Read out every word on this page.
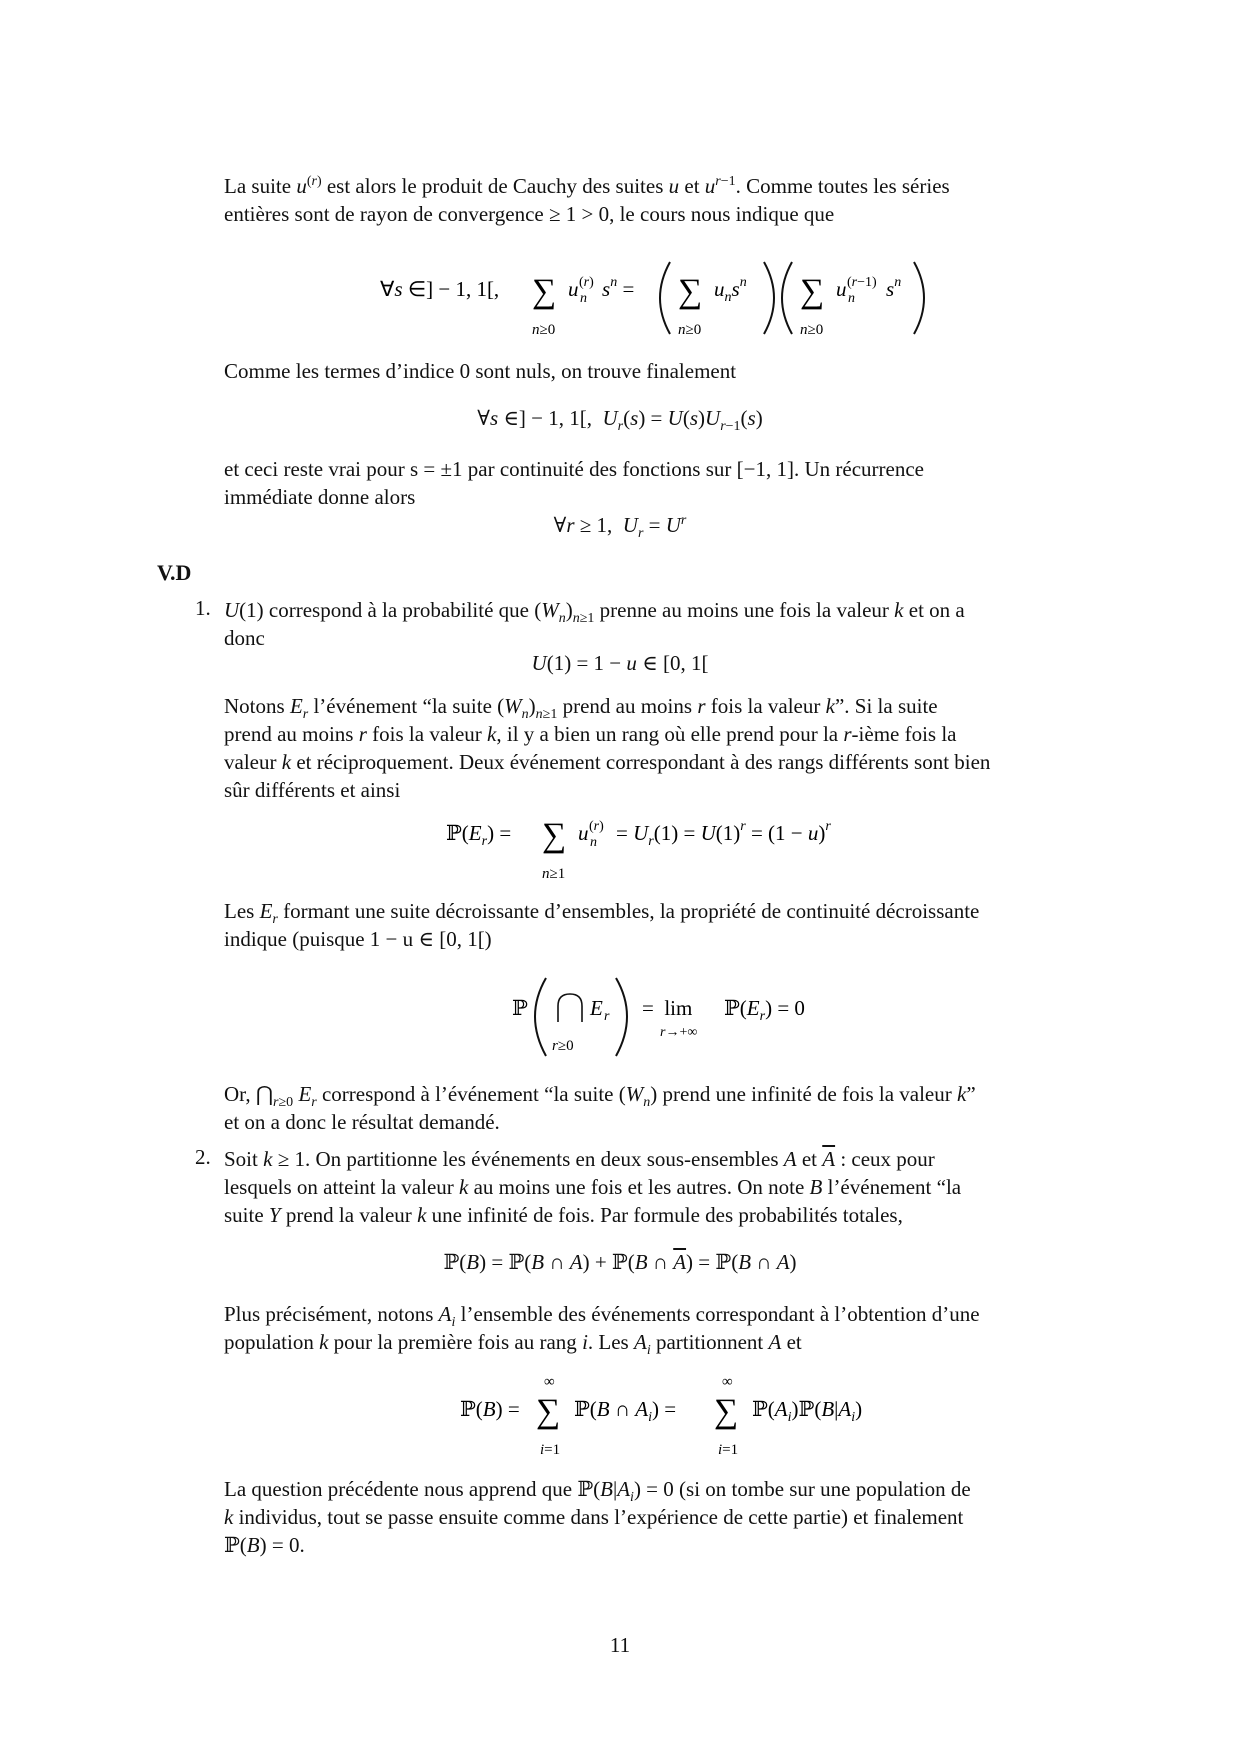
La suite $u^{(r)}$ est alors le produit de Cauchy des suites u et $u^{r-1}$. Comme toutes les séries
entières sont de rayon de convergence ≥ 1 > 0, le cours nous indique que

∀s ∈] − 1, 1[, ∑
n≥0
u (r)
n $s^n$ = ∑
n≥0
$u_ns^n$ ∑
n≥0
u (r−1)
n $s^n$

Comme les termes d’indice 0 sont nuls, on trouve finalement

∀s ∈] − 1, 1[,  $U_r(s) = U(s)U_{r-1}(s)$

et ceci reste vrai pour s = ±1 par continuité des fonctions sur [−1, 1]. Un récurrence
immédiate donne alors

∀r ≥ 1,  $U_r = U^r$
V.D
1. U(1) correspond à la probabilité que $(W_n)_{n\ge 1}$ prenne au moins une fois la valeur k et on a
donc

U(1) = 1 − u ∈ [0, 1[

Notons $E_r$ l’événement “la suite $(W_n)_{n\ge 1}$ prend au moins r fois la valeur k”. Si la suite
prend au moins r fois la valeur k, il y a bien un rang où elle prend pour la r-ième fois la
valeur k et réciproquement. Deux événement correspondant à des rangs différents sont bien
sûr différents et ainsi

$ℙ(E_r)$ = ∑
n≥1
u (r)
$n = U_r(1) = U(1)^r = (1 - u)^r$

Les $E_r$ formant une suite décroissante d’ensembles, la propriété de continuité décroissante
indique (puisque 1 − u ∈ [0, 1[)

ℙ	E r
r≥0
=  lim
r→+∞
$ℙ(E_r) = 0$

Or, $⋂_{r\ge 0}$ $E_r$ correspond à l’événement “la suite $(W_n)$ prend une infinité de fois la valeur k”
et on a donc le résultat demandé.

2. Soit k ≥ 1. On partitionne les événements en deux sous-ensembles A et $\overline{A}$ : ceux pour
lesquels on atteint la valeur k au moins une fois et les autres. On note B l’événement “la
suite Y prend la valeur k une infinité de fois. Par formule des probabilités totales,

ℙ(B) = ℙ(B ∩ A) + ℙ(B ∩ $\overline{A}$) = ℙ(B ∩ A)

Plus précisément, notons $A_i$ l’ensemble des événements correspondant à l’obtention d’une
population k pour la première fois au rang i. Les $A_i$ partitionnent A et

ℙ(B) =
∞
∑
i=1
ℙ(B ∩ $A_i$) =
∞
∑
i=1
$ℙ(A_i)ℙ(B|A_i)$

La question précédente nous apprend que $ℙ(B|A_i) = 0$ (si on tombe sur une population de
k individus, tout se passe ensuite comme dans l’expérience de cette partie) et finalement
ℙ(B) = 0.

11
